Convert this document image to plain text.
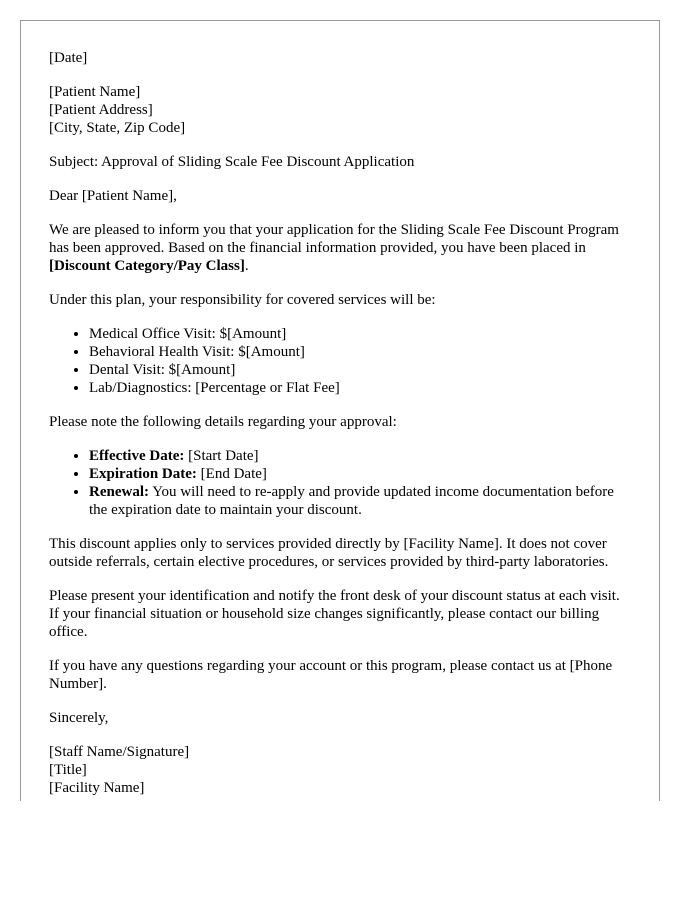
[Date]

[Patient Name]
[Patient Address]
[City, State, Zip Code]

Subject: Approval of Sliding Scale Fee Discount Application

Dear [Patient Name],

We are pleased to inform you that your application for the Sliding Scale Fee Discount Program has been approved. Based on the financial information provided, you have been placed in [Discount Category/Pay Class].

Under this plan, your responsibility for covered services will be:

• Medical Office Visit: $[Amount]
• Behavioral Health Visit: $[Amount]
• Dental Visit: $[Amount]
• Lab/Diagnostics: [Percentage or Flat Fee]

Please note the following details regarding your approval:

• Effective Date: [Start Date]
• Expiration Date: [End Date]
• Renewal: You will need to re-apply and provide updated income documentation before the expiration date to maintain your discount.

This discount applies only to services provided directly by [Facility Name]. It does not cover outside referrals, certain elective procedures, or services provided by third-party laboratories.

Please present your identification and notify the front desk of your discount status at each visit. If your financial situation or household size changes significantly, please contact our billing office.

If you have any questions regarding your account or this program, please contact us at [Phone Number].

Sincerely,

[Staff Name/Signature]
[Title]
[Facility Name]
